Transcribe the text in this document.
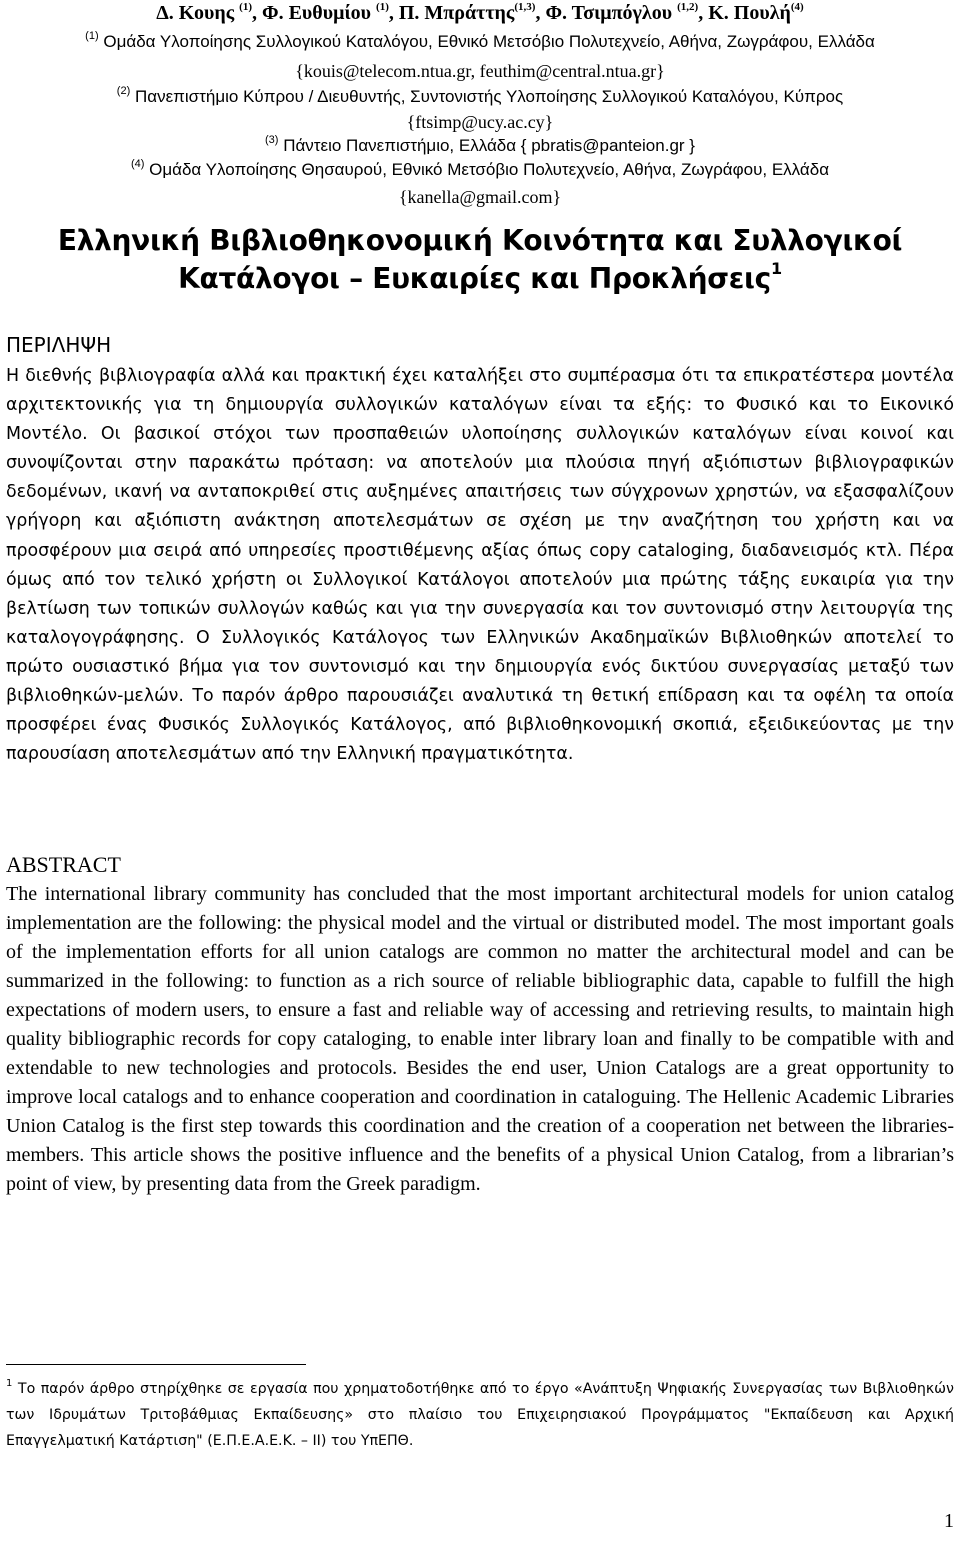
Δ. Κουης $^{(1)}$, Φ. Ευθυμίου $^{(1)}$, Π. Μπράττης$^{(1,3)}$, Φ. Τσιμπόγλου $^{(1,2)}$, Κ. Πουλή$^{(4)}$
$^{(1)}$ Ομάδα Υλοποίησης Συλλογικού Καταλόγου, Εθνικό Μετσόβιο Πολυτεχνείο, Αθήνα, Ζωγράφου, Ελλάδα
{kouis@telecom.ntua.gr, feuthim@central.ntua.gr}
$^{(2)}$ Πανεπιστήμιο Κύπρου / Διευθυντής, Συντονιστής Υλοποίησης Συλλογικού Καταλόγου, Κύπρος
{ftsimp@ucy.ac.cy}
$^{(3)}$ Πάντειο Πανεπιστήμιο, Ελλάδα { pbratis@panteion.gr }
$^{(4)}$ Ομάδα Υλοποίησης Θησαυρού, Εθνικό Μετσόβιο Πολυτεχνείο, Αθήνα, Ζωγράφου, Ελλάδα
{kanella@gmail.com}
Ελληνική Βιβλιοθηκονομική Κοινότητα και Συλλογικοί
Κατάλογοι – Ευκαιρίες και Προκλήσεις$^1$
ΠΕΡΙΛΗΨΗ
Η διεθνής βιβλιογραφία αλλά και πρακτική έχει καταλήξει στο συμπέρασμα ότι τα επικρατέστερα μοντέλα αρχιτεκτονικής για τη δημιουργία συλλογικών καταλόγων είναι τα εξής: το Φυσικό και το Εικονικό Μοντέλο. Οι βασικοί στόχοι των προσπαθειών υλοποίησης συλλογικών καταλόγων είναι κοινοί και συνοψίζονται στην παρακάτω πρόταση: να αποτελούν μια πλούσια πηγή αξιόπιστων βιβλιογραφικών δεδομένων, ικανή να ανταποκριθεί στις αυξημένες απαιτήσεις των σύγχρονων χρηστών, να εξασφαλίζουν γρήγορη και αξιόπιστη ανάκτηση αποτελεσμάτων σε σχέση με την αναζήτηση του χρήστη και να προσφέρουν μια σειρά από υπηρεσίες προστιθέμενης αξίας όπως copy cataloging, διαδανεισμός κτλ. Πέρα όμως από τον τελικό χρήστη οι Συλλογικοί Κατάλογοι αποτελούν μια πρώτης τάξης ευκαιρία για την βελτίωση των τοπικών συλλογών καθώς και για την συνεργασία και τον συντονισμό στην λειτουργία της καταλογογράφησης. Ο Συλλογικός Κατάλογος των Ελληνικών Ακαδημαϊκών Βιβλιοθηκών αποτελεί το πρώτο ουσιαστικό βήμα για τον συντονισμό και την δημιουργία ενός δικτύου συνεργασίας μεταξύ των βιβλιοθηκών-μελών. Το παρόν άρθρο παρουσιάζει αναλυτικά τη θετική επίδραση και τα οφέλη τα οποία προσφέρει ένας Φυσικός Συλλογικός Κατάλογος, από βιβλιοθηκονομική σκοπιά, εξειδικεύοντας με την παρουσίαση αποτελεσμάτων από την Ελληνική πραγματικότητα.
ABSTRACT
The international library community has concluded that the most important architectural models for union catalog implementation are the following: the physical model and the virtual or distributed model. The most important goals of the implementation efforts for all union catalogs are common no matter the architectural model and can be summarized in the following: to function as a rich source of reliable bibliographic data, capable to fulfill the high expectations of modern users, to ensure a fast and reliable way of accessing and retrieving results, to maintain high quality bibliographic records for copy cataloging, to enable inter library loan and finally to be compatible with and extendable to new technologies and protocols. Besides the end user, Union Catalogs are a great opportunity to improve local catalogs and to enhance cooperation and coordination in cataloguing. The Hellenic Academic Libraries Union Catalog is the first step towards this coordination and the creation of a cooperation net between the libraries-members. This article shows the positive influence and the benefits of a physical Union Catalog, from a librarian’s point of view, by presenting data from the Greek paradigm.
$^1$ Το παρόν άρθρο στηρίχθηκε σε εργασία που χρηματοδοτήθηκε από το έργο «Ανάπτυξη Ψηφιακής Συνεργασίας των Βιβλιοθηκών των Ιδρυμάτων Τριτοβάθμιας Εκπαίδευσης» στο πλαίσιο του Επιχειρησιακού Προγράμματος "Εκπαίδευση και Αρχική Επαγγελματική Κατάρτιση" (Ε.Π.Ε.Α.Ε.Κ. – ΙΙ) του ΥπΕΠΘ.
1
